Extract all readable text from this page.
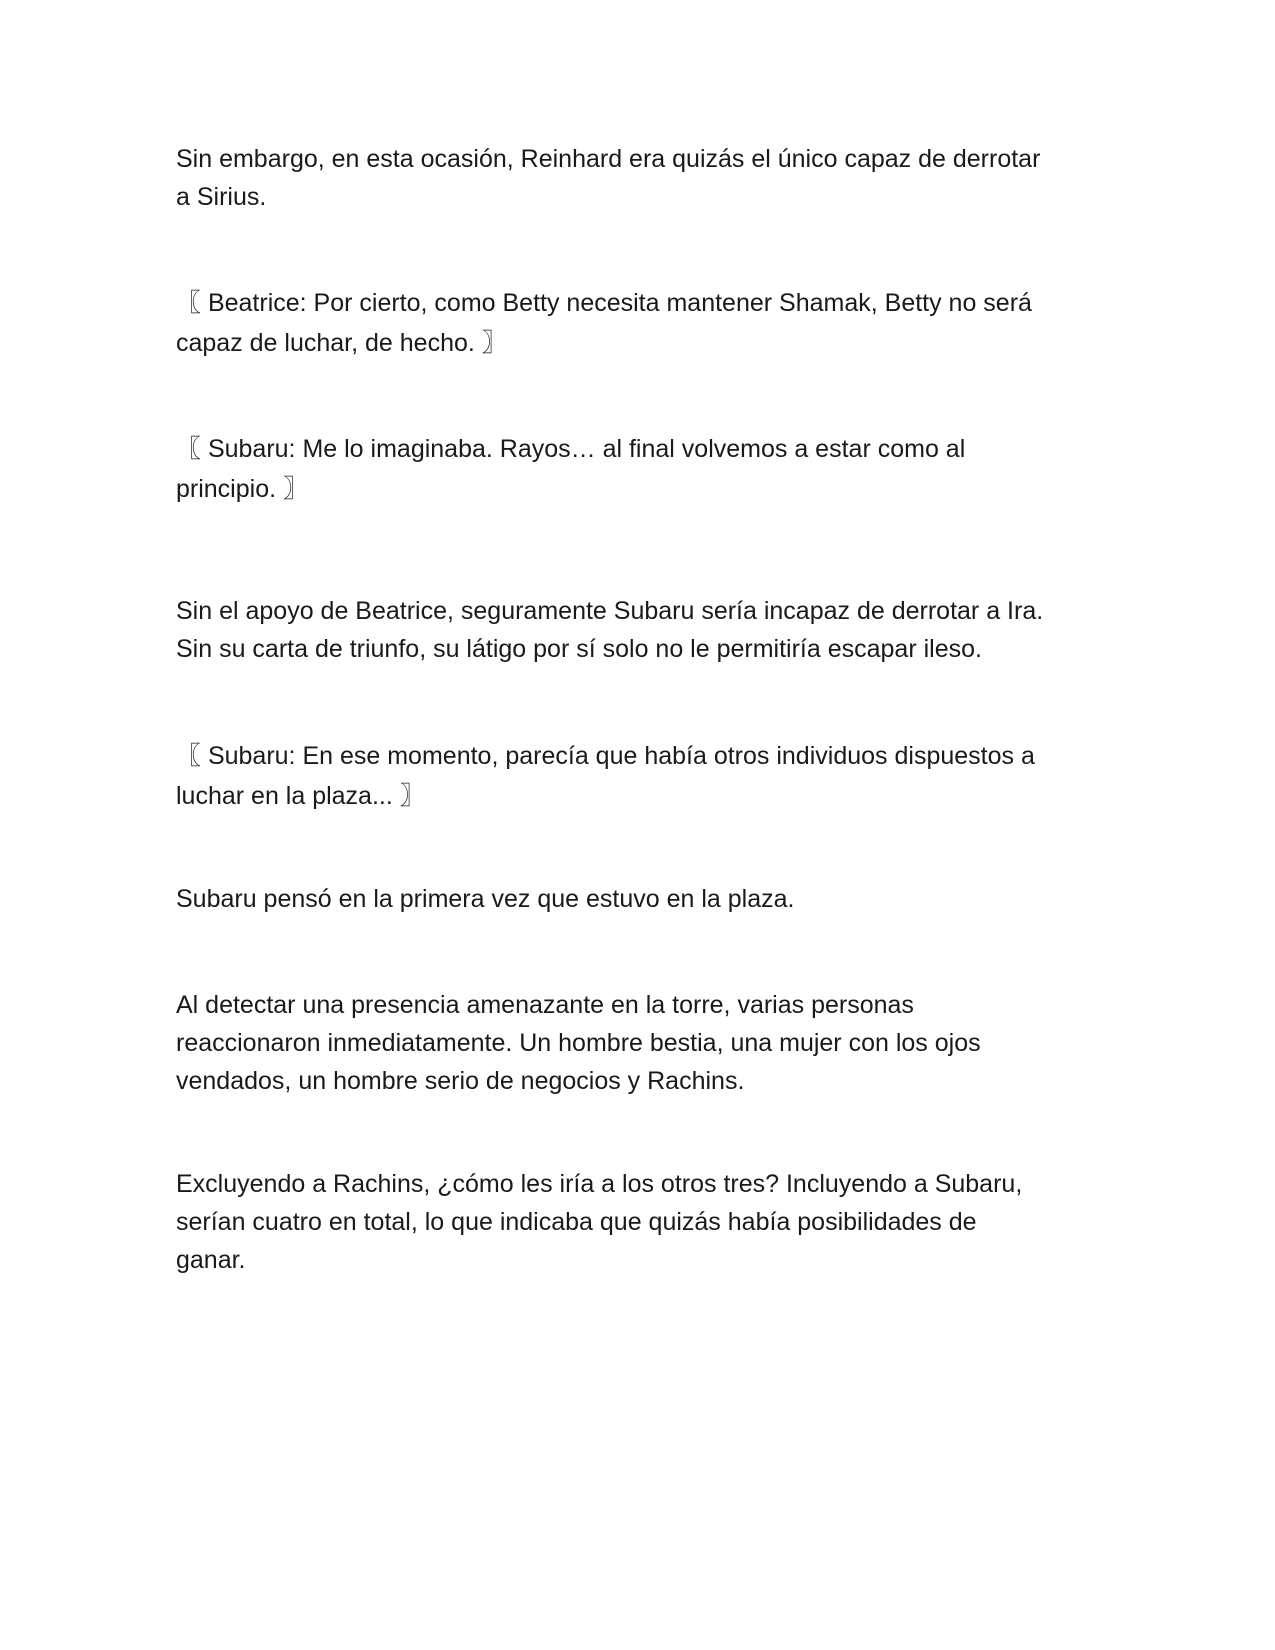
Sin embargo, en esta ocasión, Reinhard era quizás el único capaz de derrotar
a Sirius.

〖 Beatrice: Por cierto, como Betty necesita mantener Shamak, Betty no será
capaz de luchar, de hecho. 〗

〖 Subaru: Me lo imaginaba. Rayos… al final volvemos a estar como al
principio. 〗

Sin el apoyo de Beatrice, seguramente Subaru sería incapaz de derrotar a Ira.
Sin su carta de triunfo, su látigo por sí solo no le permitiría escapar ileso.

〖 Subaru: En ese momento, parecía que había otros individuos dispuestos a
luchar en la plaza... 〗

Subaru pensó en la primera vez que estuvo en la plaza.

Al detectar una presencia amenazante en la torre, varias personas
reaccionaron inmediatamente. Un hombre bestia, una mujer con los ojos
vendados, un hombre serio de negocios y Rachins.

Excluyendo a Rachins, ¿cómo les iría a los otros tres? Incluyendo a Subaru,
serían cuatro en total, lo que indicaba que quizás había posibilidades de
ganar.
